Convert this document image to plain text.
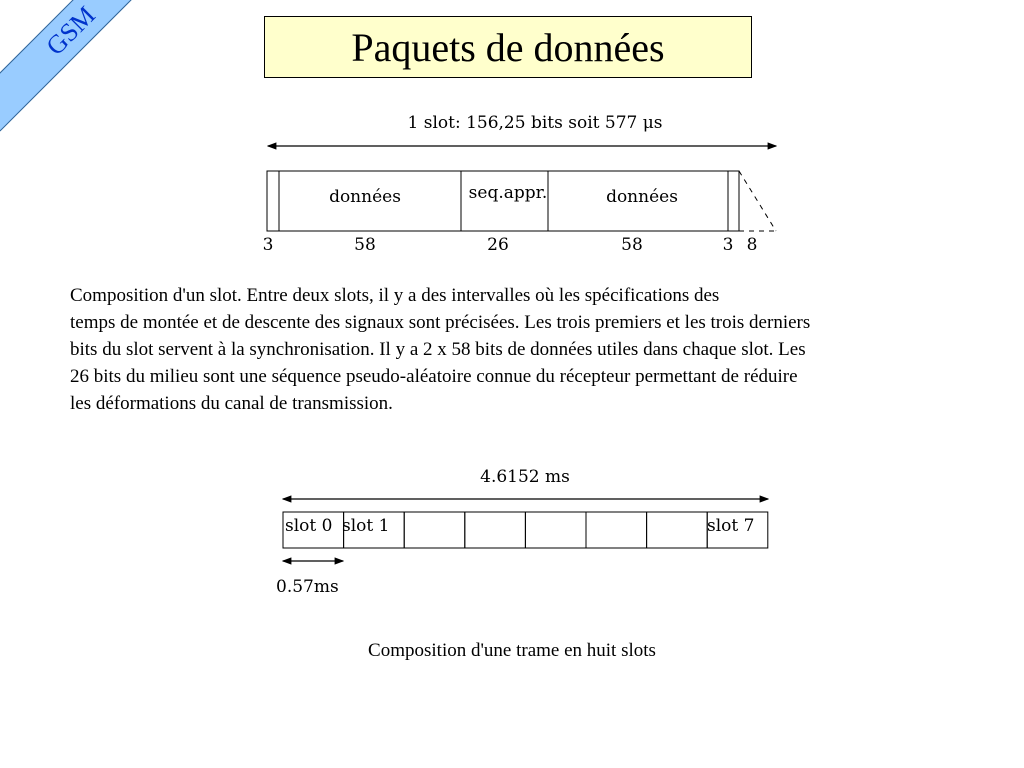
GSM	Paquets de données
1 slot: 156,25 bits soit 577 μs
données	seq.appr.	données
3	58	26	58	3 8
Composition d'un slot. Entre deux slots, il y a des intervalles où les spécifications des
temps de montée et de descente des signaux sont précisées. Les trois premiers et les trois derniers
bits du slot servent à la synchronisation. Il y a 2 x 58 bits de données utiles dans chaque slot. Les
26 bits du milieu sont une séquence pseudo-aléatoire connue du récepteur permettant de réduire
les déformations du canal de transmission.
4.6152 ms
slot 0 slot 1	slot 7
0.57ms
Composition d'une trame en huit slots
